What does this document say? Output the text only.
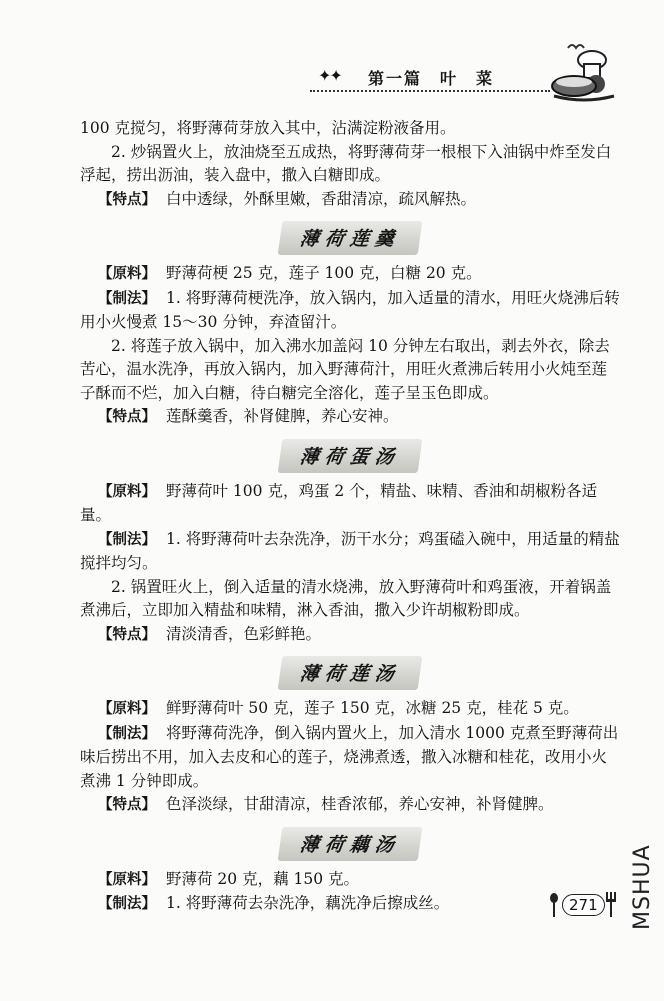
✦✦ 第一篇　叶　菜

100 克搅匀，将野薄荷芽放入其中，沾满淀粉液备用。

2. 炒锅置火上，放油烧至五成热，将野薄荷芽一根根下入油锅中炸至发白浮起，捞出沥油，装入盘中，撒入白糖即成。

【特点】 白中透绿，外酥里嫩，香甜清凉，疏风解热。

薄荷莲羹

【原料】 野薄荷梗 25 克，莲子 100 克，白糖 20 克。

【制法】 1. 将野薄荷梗洗净，放入锅内，加入适量的清水，用旺火烧沸后转用小火慢煮 15～30 分钟，弃渣留汁。

2. 将莲子放入锅中，加入沸水加盖闷 10 分钟左右取出，剥去外衣，除去苦心，温水洗净，再放入锅内，加入野薄荷汁，用旺火煮沸后转用小火炖至莲子酥而不烂，加入白糖，待白糖完全溶化，莲子呈玉色即成。

【特点】 莲酥羹香，补肾健脾，养心安神。

薄荷蛋汤

【原料】 野薄荷叶 100 克，鸡蛋 2 个，精盐、味精、香油和胡椒粉各适量。

【制法】 1. 将野薄荷叶去杂洗净，沥干水分；鸡蛋磕入碗中，用适量的精盐搅拌均匀。

2. 锅置旺火上，倒入适量的清水烧沸，放入野薄荷叶和鸡蛋液，开着锅盖煮沸后，立即加入精盐和味精，淋入香油，撒入少许胡椒粉即成。

【特点】 清淡清香，色彩鲜艳。

薄荷莲汤

【原料】 鲜野薄荷叶 50 克，莲子 150 克，冰糖 25 克，桂花 5 克。

【制法】 将野薄荷洗净，倒入锅内置火上，加入清水 1000 克煮至野薄荷出味后捞出不用，加入去皮和心的莲子，烧沸煮透，撒入冰糖和桂花，改用小火煮沸 1 分钟即成。

【特点】 色泽淡绿，甘甜清凉，桂香浓郁，养心安神，补肾健脾。

薄荷藕汤

【原料】 野薄荷 20 克，藕 150 克。

【制法】 1. 将野薄荷去杂洗净，藕洗净后擦成丝。	271	MSHUA
